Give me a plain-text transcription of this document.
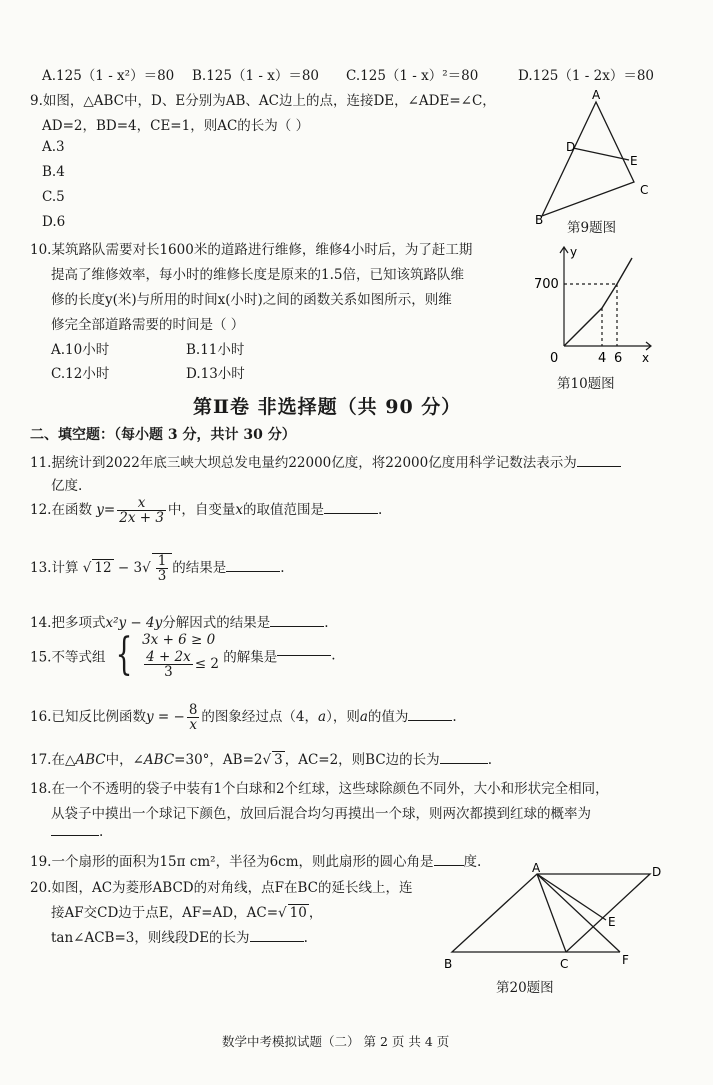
A.125（1 - x²）＝80 B.125（1 - x）＝80 C.125（1 - x）²＝80	D.125（1 - 2x）＝80
9.如图，△ABC中，D、E分别为AB、AC边上的点，连接DE，∠ADE=∠C，
AD=2，BD=4，CE=1，则AC的长为（ ）
A.3
B.4
C.5
D.6
A
B
C
D
E
第9题图
10.某筑路队需要对长1600米的道路进行维修，维修4小时后，为了赶工期
提高了维修效率，每小时的维修长度是原来的1.5倍，已知该筑路队维
修的长度y(米)与所用的时间x(小时)之间的函数关系如图所示，则维
修完全部道路需要的时间是（ ）
A.10小时	B.11小时
C.12小时	D.13小时
y
x
0
700
4 6
第10题图
第Ⅱ卷 非选择题（共 90 分）
二、填空题：（每小题 3 分，共计 30 分）
11.据统计到2022年底三峡大坝总发电量约22000亿度，将22000亿度用科学记数法表示为
亿度.
12.在函数 $y= \frac{x}{2x + 3}$ 中，自变量x的取值范围是	.
13.计算 √ $12 - 3√ \frac{1}{3}$ 的结果是	.
14.把多项式x²y − 4y分解因式的结果是	.
15.不等式组 { 3x + 6 ≥ 0
$\frac{4 + 2x}{3} \le 2$ 的解集是	.
16.已知反比例函数y = − $\frac{8}{x}$ 的图象经过点（4，a），则a的值为	.
17.在△ABC中，∠ABC=30°，AB=2√ 3 ，AC=2，则BC边的长为	.
18.在一个不透明的袋子中装有1个白球和2个红球，这些球除颜色不同外，大小和形状完全相同，
从袋子中摸出一个球记下颜色，放回后混合均匀再摸出一个球，则两次都摸到红球的概率为
.
19.一个扇形的面积为15π cm²，半径为6cm，则此扇形的圆心角是 度.
20.如图，AC为菱形ABCD的对角线，点F在BC的延长线上，连
接AF交CD边于点E，AF=AD，AC=√ 10 ，
tan∠ACB=3，则线段DE的长为	.
A
B	C
D
E
F
第20题图
数学中考模拟试题（二） 第 2 页 共 4 页
